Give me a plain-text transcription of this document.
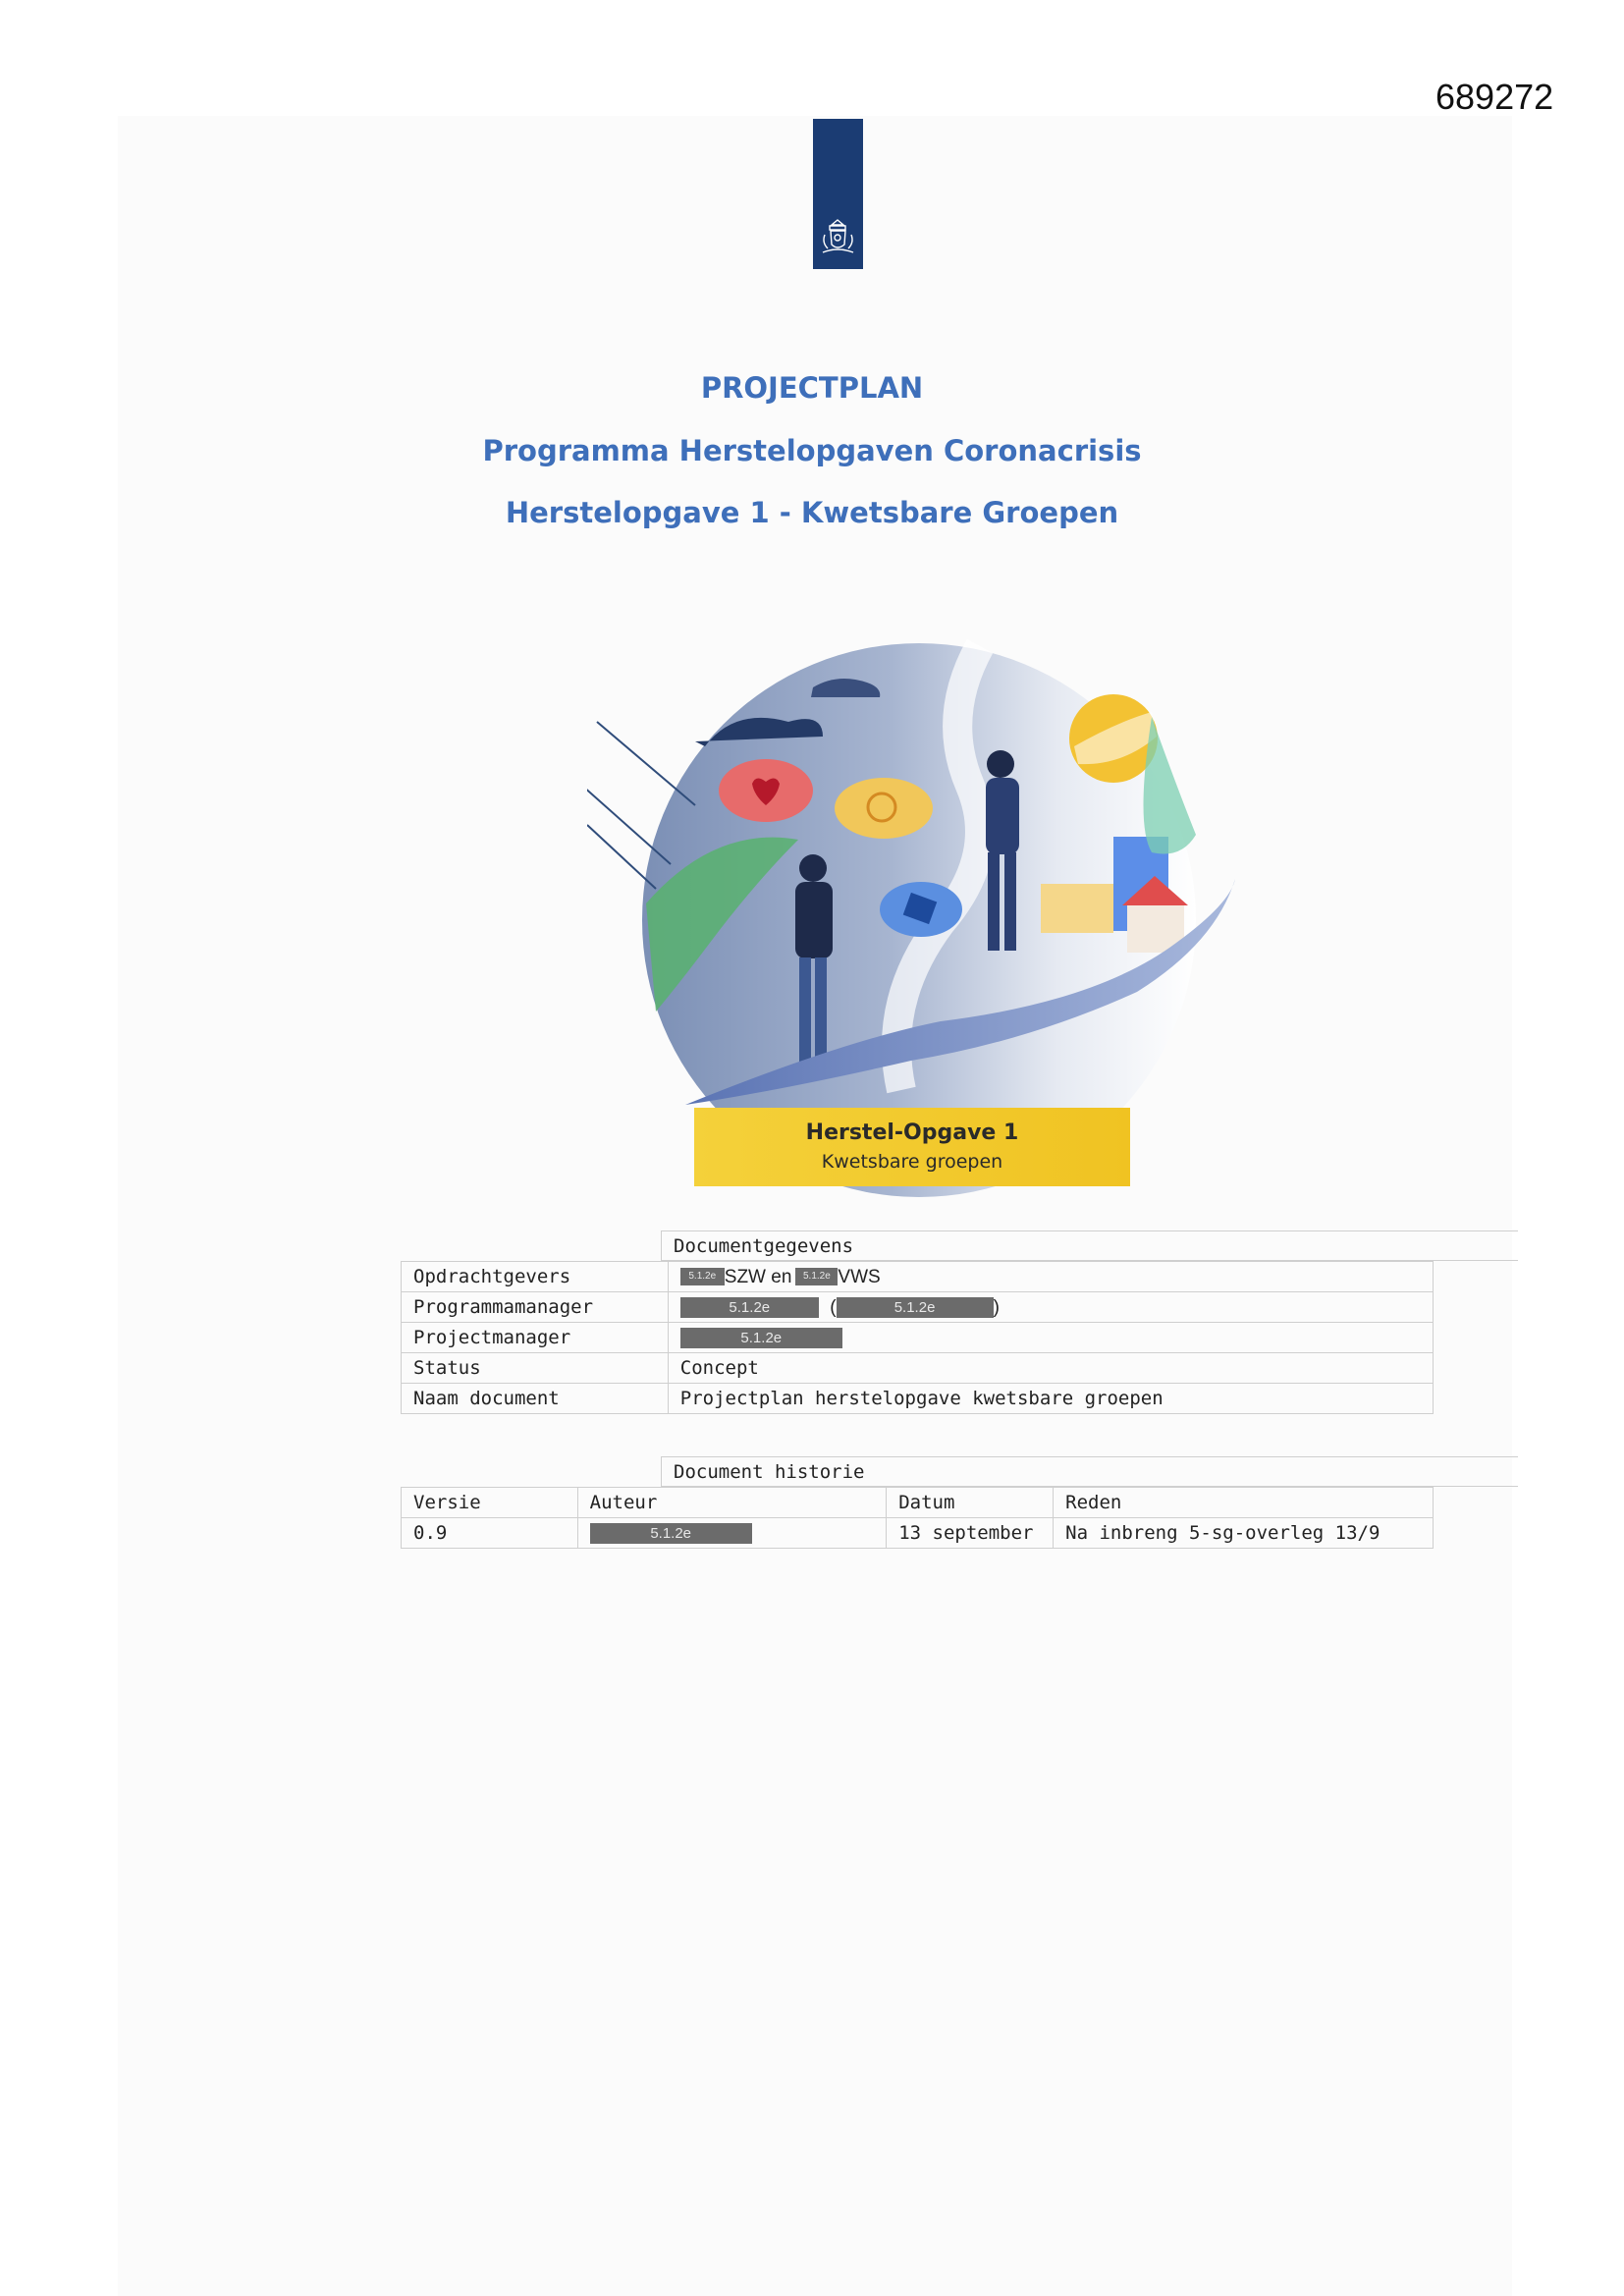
689272
PROJECTPLAN
Programma Herstelopgaven Coronacrisis
Herstelopgave 1 - Kwetsbare Groepen
Herstel-Opgave 1
Kwetsbare groepen
Documentgegevens
Opdrachtgevers	5.1.2e SZW en 5.1.2e VWS
Programmamanager	5.1.2e ( 5.1.2e )
Projectmanager	5.1.2e
Status	Concept
Naam document	Projectplan herstelopgave kwetsbare groepen
Document historie
Versie	Auteur	Datum	Reden
0.9	5.1.2e	13 september	Na inbreng 5-sg-overleg 13/9
